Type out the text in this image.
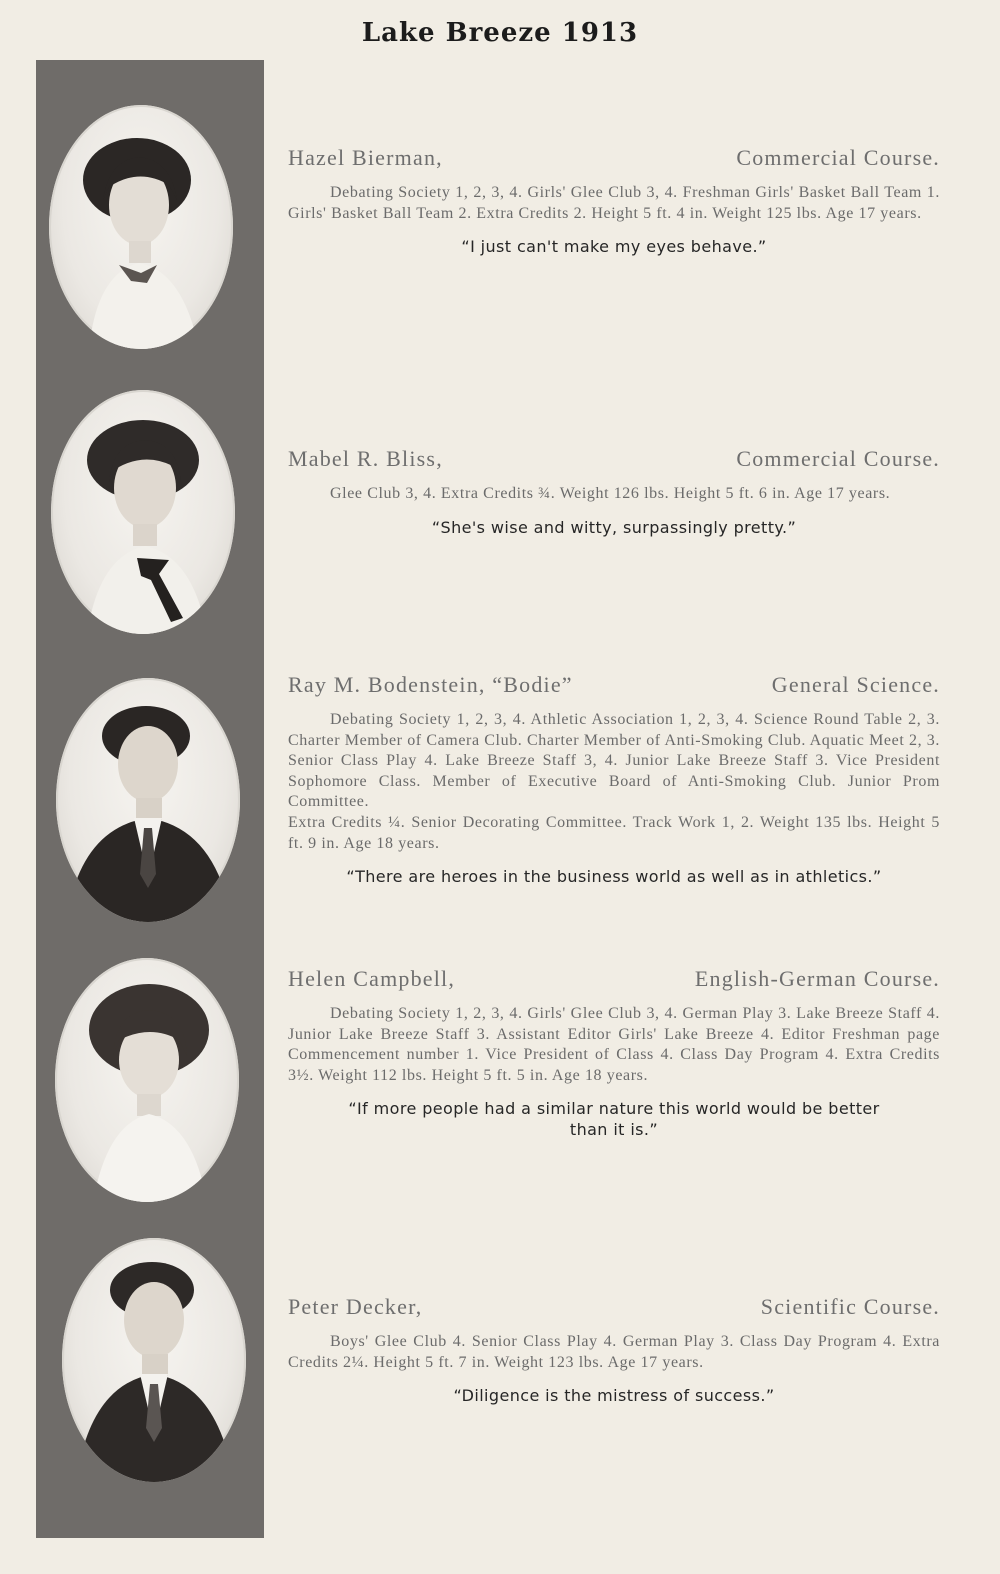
Lake Breeze 1913
Hazel Bierman,	Commercial Course.

Debating Society 1, 2, 3, 4. Girls' Glee Club 3, 4. Freshman Girls' Basket Ball Team 1. Girls' Basket Ball Team 2. Extra Credits 2. Height 5 ft. 4 in. Weight 125 lbs. Age 17 years.

“I just can't make my eyes behave.”

Mabel R. Bliss,	Commercial Course.

Glee Club 3, 4. Extra Credits ¾. Weight 126 lbs. Height 5 ft. 6 in. Age 17 years.

“She's wise and witty, surpassingly pretty.”

Ray M. Bodenstein, “Bodie”	General Science.

Debating Society 1, 2, 3, 4. Athletic Association 1, 2, 3, 4. Science Round Table 2, 3. Charter Member of Camera Club. Charter Member of Anti-Smoking Club. Aquatic Meet 2, 3. Senior Class Play 4. Lake Breeze Staff 3, 4. Junior Lake Breeze Staff 3. Vice President Sophomore Class. Member of Executive Board of Anti-Smoking Club. Junior Prom Committee.

Extra Credits ¼. Senior Decorating Committee. Track Work 1, 2. Weight 135 lbs. Height 5 ft. 9 in. Age 18 years.

“There are heroes in the business world as well as in athletics.”

Helen Campbell,	English-German Course.

Debating Society 1, 2, 3, 4. Girls' Glee Club 3, 4. German Play 3. Lake Breeze Staff 4. Junior Lake Breeze Staff 3. Assistant Editor Girls' Lake Breeze 4. Editor Freshman page Commencement number 1. Vice President of Class 4. Class Day Program 4. Extra Credits 3½. Weight 112 lbs. Height 5 ft. 5 in. Age 18 years.

“If more people had a similar nature this world would be better than it is.”

Peter Decker,	Scientific Course.

Boys' Glee Club 4. Senior Class Play 4. German Play 3. Class Day Program 4. Extra Credits 2¼. Height 5 ft. 7 in. Weight 123 lbs. Age 17 years.

“Diligence is the mistress of success.”
